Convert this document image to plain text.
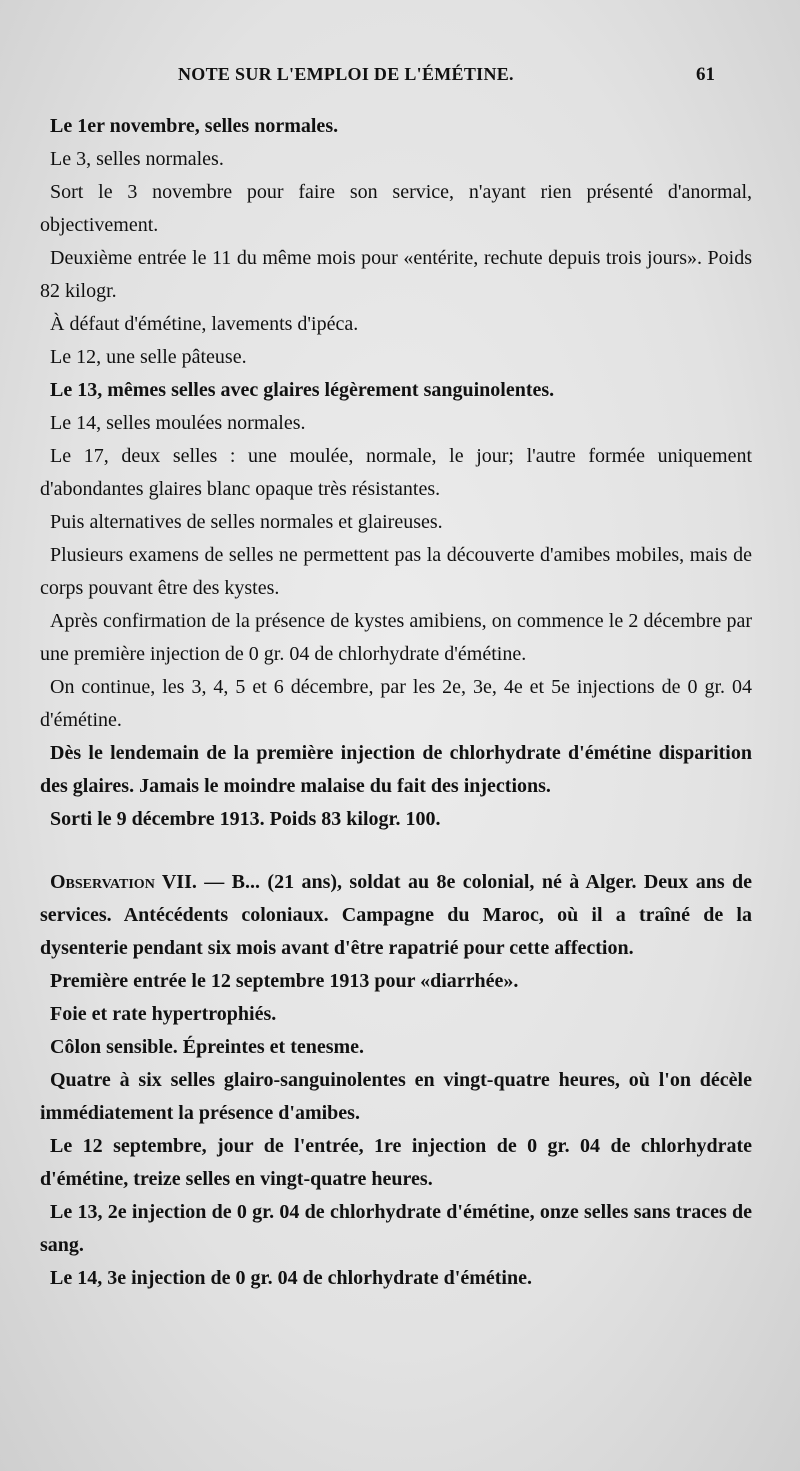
NOTE SUR L'EMPLOI DE L'ÉMÉTINE.	61

Le 1er novembre, selles normales.

Le 3, selles normales.

Sort le 3 novembre pour faire son service, n'ayant rien présenté d'anormal, objectivement.

Deuxième entrée le 11 du même mois pour «entérite, rechute depuis trois jours». Poids 82 kilogr.

À défaut d'émétine, lavements d'ipéca.

Le 12, une selle pâteuse.

Le 13, mêmes selles avec glaires légèrement sanguinolentes.

Le 14, selles moulées normales.

Le 17, deux selles : une moulée, normale, le jour; l'autre formée uniquement d'abondantes glaires blanc opaque très résistantes.

Puis alternatives de selles normales et glaireuses.

Plusieurs examens de selles ne permettent pas la découverte d'amibes mobiles, mais de corps pouvant être des kystes.

Après confirmation de la présence de kystes amibiens, on commence le 2 décembre par une première injection de 0 gr. 04 de chlorhydrate d'émétine.

On continue, les 3, 4, 5 et 6 décembre, par les 2e, 3e, 4e et 5e injections de 0 gr. 04 d'émétine.

Dès le lendemain de la première injection de chlorhydrate d'émétine disparition des glaires. Jamais le moindre malaise du fait des injections.

Sorti le 9 décembre 1913. Poids 83 kilogr. 100.

Observation VII. — B... (21 ans), soldat au 8e colonial, né à Alger. Deux ans de services. Antécédents coloniaux. Campagne du Maroc, où il a traîné de la dysenterie pendant six mois avant d'être rapatrié pour cette affection.

Première entrée le 12 septembre 1913 pour «diarrhée».

Foie et rate hypertrophiés.

Côlon sensible. Épreintes et tenesme.

Quatre à six selles glairo-sanguinolentes en vingt-quatre heures, où l'on décèle immédiatement la présence d'amibes.

Le 12 septembre, jour de l'entrée, 1re injection de 0 gr. 04 de chlorhydrate d'émétine, treize selles en vingt-quatre heures.

Le 13, 2e injection de 0 gr. 04 de chlorhydrate d'émétine, onze selles sans traces de sang.

Le 14, 3e injection de 0 gr. 04 de chlorhydrate d'émétine.
